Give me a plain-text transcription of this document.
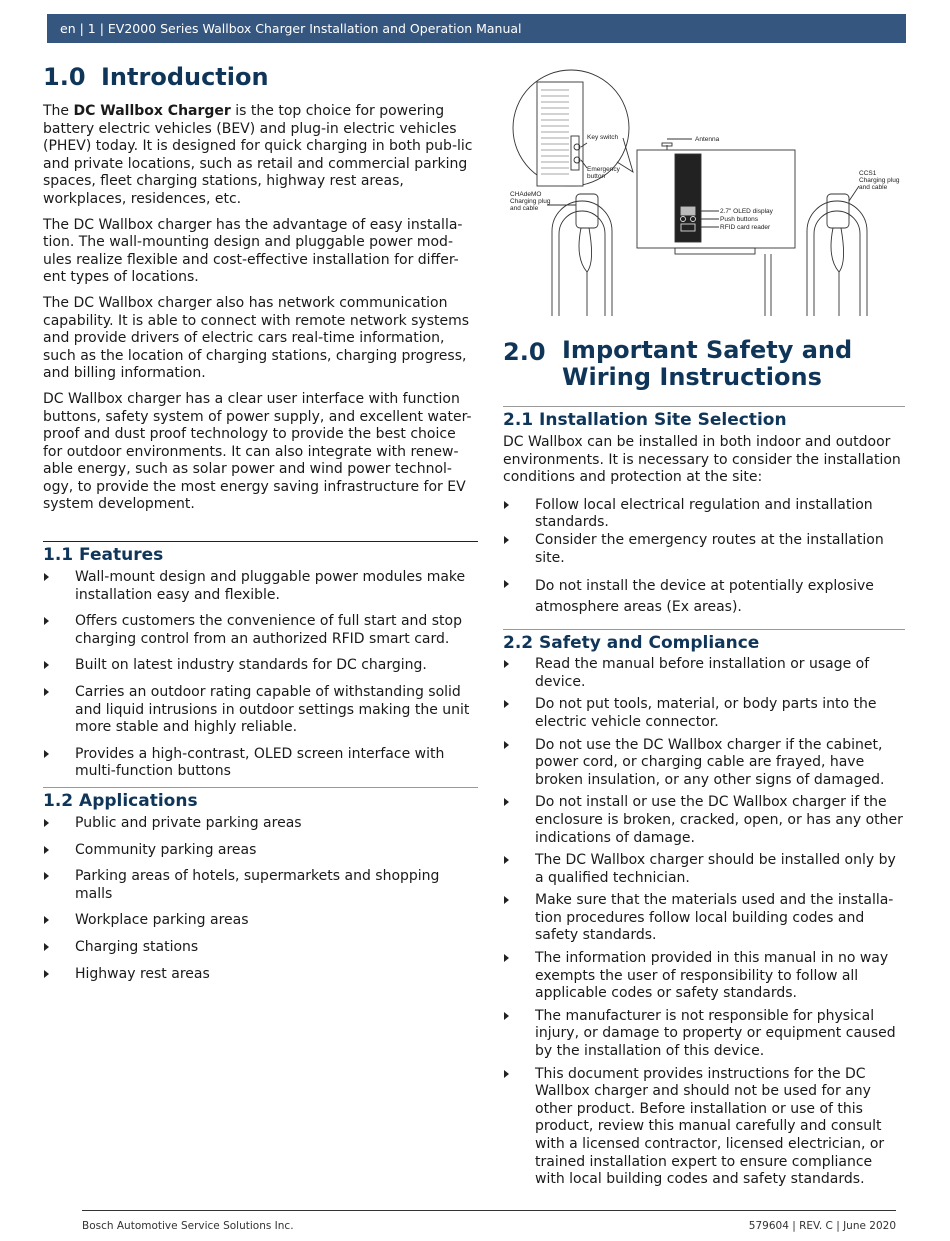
en | 1 | EV2000 Series Wallbox Charger Installation and Operation Manual
1.0 Introduction

The DC Wallbox Charger is the top choice for powering battery electric vehicles (BEV) and plug-in electric vehicles (PHEV) today. It is designed for quick charging in both pub-lic and private locations, such as retail and commercial parking spaces, fleet charging stations, highway rest areas, workplaces, residences, etc.

The DC Wallbox charger has the advantage of easy installa-tion. The wall-mounting design and pluggable power mod-ules realize flexible and cost-effective installation for differ-ent types of locations.

The DC Wallbox charger also has network communication capability. It is able to connect with remote network systems and provide drivers of electric cars real-time information, such as the location of charging stations, charging progress, and billing information.

DC Wallbox charger has a clear user interface with function buttons, safety system of power supply, and excellent water-proof and dust proof technology to provide the best choice for outdoor environments. It can also integrate with renew-able energy, such as solar power and wind power technol-ogy, to provide the most energy saving infrastructure for EV system development.

1.1 Features
Wall-mount design and pluggable power modules make installation easy and flexible.
Offers customers the convenience of full start and stop charging control from an authorized RFID smart card.
Built on latest industry standards for DC charging.
Carries an outdoor rating capable of withstanding solid and liquid intrusions in outdoor settings making the unit more stable and highly reliable.
Provides a high-contrast, OLED screen interface with multi-function buttons
1.2 Applications
Public and private parking areas
Community parking areas
Parking areas of hotels, supermarkets and shopping malls
Workplace parking areas
Charging stations
Highway rest areas
Key switch
Emergency
button
Antenna
CHAdeMO
Charging plug
and cable
CCS1
Charging plug
and cable
2.7" OLED display
Push buttons
RFID card reader
2.0 Important Safety and
Wiring Instructions
2.1 Installation Site Selection

DC Wallbox can be installed in both indoor and outdoor environments. It is necessary to consider the installation conditions and protection at the site:

Follow local electrical regulation and installation standards.
Consider the emergency routes at the installation site.
Do not install the device at potentially explosive atmosphere areas (Ex areas).
2.2 Safety and Compliance
Read the manual before installation or usage of device.
Do not put tools, material, or body parts into the electric vehicle connector.
Do not use the DC Wallbox charger if the cabinet, power cord, or charging cable are frayed, have broken insulation, or any other signs of damaged.
Do not install or use the DC Wallbox charger if the enclosure is broken, cracked, open, or has any other indications of damage.
The DC Wallbox charger should be installed only by a qualified technician.
Make sure that the materials used and the installa-tion procedures follow local building codes and safety standards.
The information provided in this manual in no way exempts the user of responsibility to follow all applicable codes or safety standards.
The manufacturer is not responsible for physical injury, or damage to property or equipment caused by the installation of this device.
This document provides instructions for the DC Wallbox charger and should not be used for any other product. Before installation or use of this product, review this manual carefully and consult with a licensed contractor, licensed electrician, or trained installation expert to ensure compliance with local building codes and safety standards.
Bosch Automotive Service Solutions Inc.	579604 | REV. C | June 2020
